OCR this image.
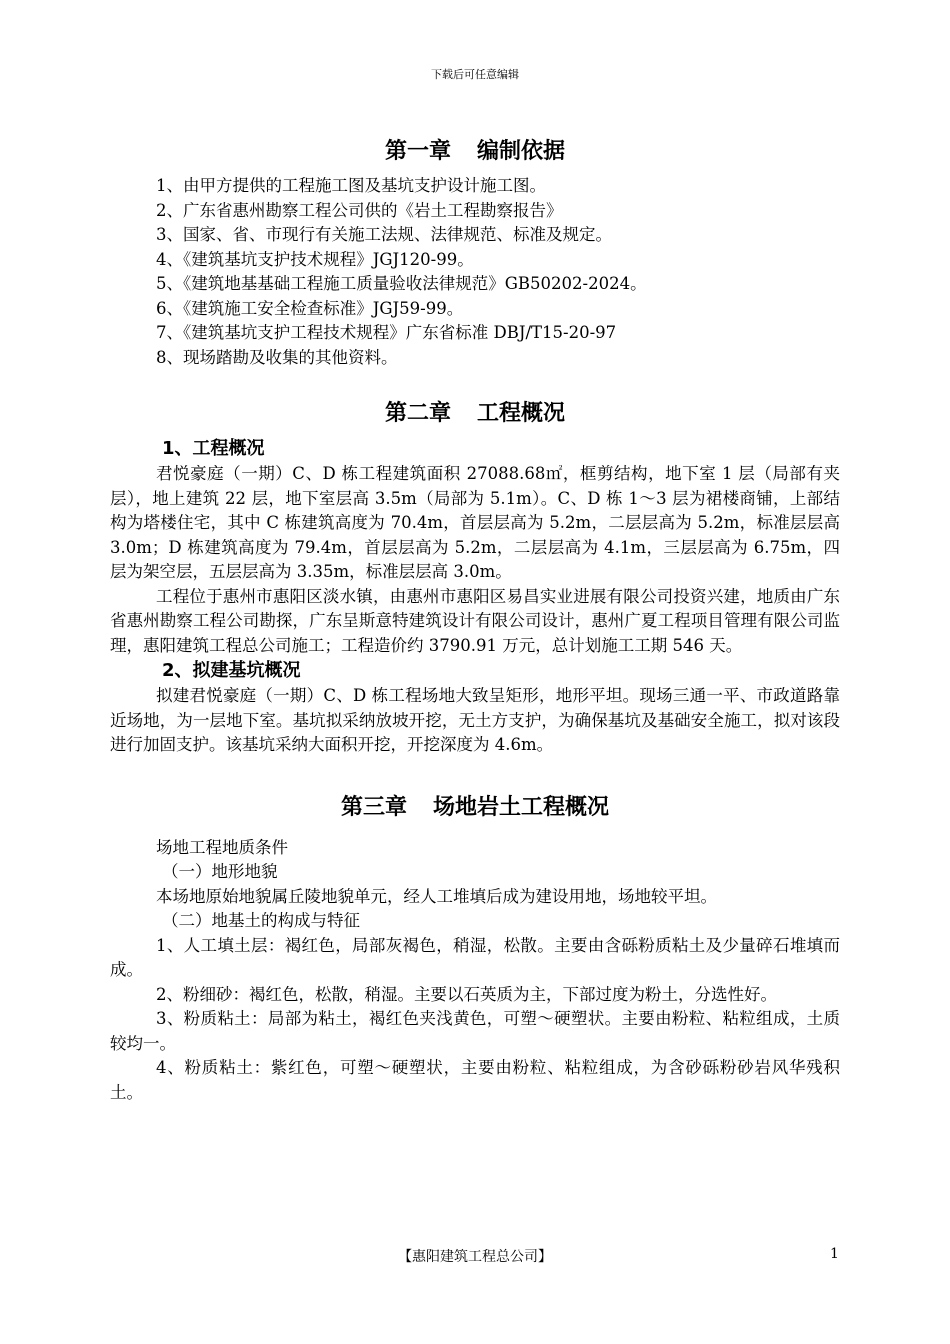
下载后可任意编辑
第一章 编制依据
1、由甲方提供的工程施工图及基坑支护设计施工图。
2、广东省惠州勘察工程公司供的《岩土工程勘察报告》
3、国家、省、市现行有关施工法规、法律规范、标准及规定。
4、《建筑基坑支护技术规程》JGJ120-99。
5、《建筑地基基础工程施工质量验收法律规范》GB50202-2024。
6、《建筑施工安全检查标准》JGJ59-99。
7、《建筑基坑支护工程技术规程》广东省标准 DBJ/T15-20-97
8、现场踏勘及收集的其他资料。
第二章 工程概况
1、工程概况

君悦豪庭（一期）C、D 栋工程建筑面积 27088.68㎡，框剪结构，地下室 1 层（局部有夹层），地上建筑 22 层，地下室层高 3.5m（局部为 5.1m）。C、D 栋 1～3 层为裙楼商铺，上部结构为塔楼住宅，其中 C 栋建筑高度为 70.4m，首层层高为 5.2m，二层层高为 5.2m，标准层层高 3.0m；D 栋建筑高度为 79.4m，首层层高为 5.2m，二层层高为 4.1m，三层层高为 6.75m，四层为架空层，五层层高为 3.35m，标准层层高 3.0m。

工程位于惠州市惠阳区淡水镇，由惠州市惠阳区易昌实业进展有限公司投资兴建，地质由广东省惠州勘察工程公司勘探，广东呈斯意特建筑设计有限公司设计，惠州广夏工程项目管理有限公司监理，惠阳建筑工程总公司施工；工程造价约 3790.91 万元，总计划施工工期 546 天。

2、拟建基坑概况

拟建君悦豪庭（一期）C、D 栋工程场地大致呈矩形，地形平坦。现场三通一平、市政道路靠近场地，为一层地下室。基坑拟采纳放坡开挖，无土方支护，为确保基坑及基础安全施工，拟对该段进行加固支护。该基坑采纳大面积开挖，开挖深度为 4.6m。

第三章 场地岩土工程概况

场地工程地质条件

（一）地形地貌

本场地原始地貌属丘陵地貌单元，经人工堆填后成为建设用地，场地较平坦。

（二）地基土的构成与特征

1、人工填土层：褐红色，局部灰褐色，稍湿，松散。主要由含砾粉质粘土及少量碎石堆填而成。

2、粉细砂：褐红色，松散，稍湿。主要以石英质为主，下部过度为粉土，分选性好。

3、粉质粘土：局部为粘土，褐红色夹浅黄色，可塑～硬塑状。主要由粉粒、粘粒组成，土质较均一。

4、粉质粘土：紫红色，可塑～硬塑状，主要由粉粒、粘粒组成，为含砂砾粉砂岩风华残积土。

【惠阳建筑工程总公司】	1
